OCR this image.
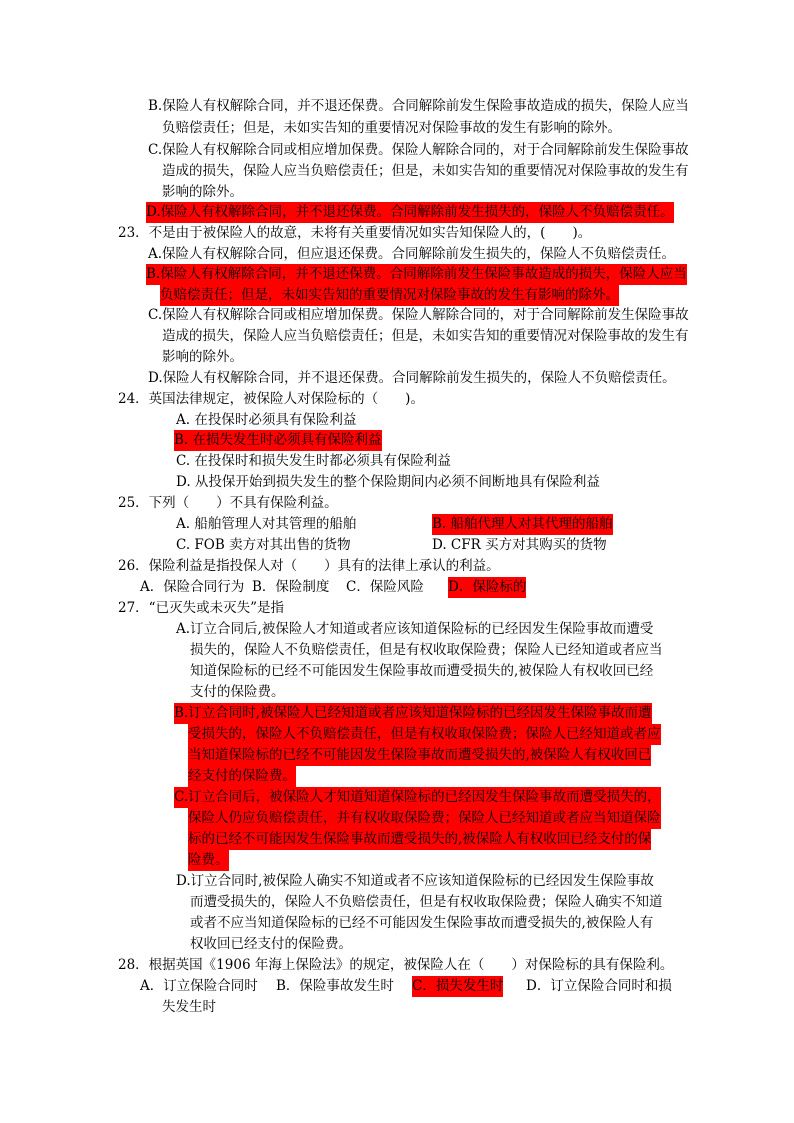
B.保险人有权解除合同，并不退还保费。合同解除前发生保险事故造成的损失，保险人应当
负赔偿责任；但是，未如实告知的重要情况对保险事故的发生有影响的除外。
C.保险人有权解除合同或相应增加保费。保险人解除合同的，对于合同解除前发生保险事故
造成的损失，保险人应当负赔偿责任；但是，未如实告知的重要情况对保险事故的发生有
影响的除外。
D.保险人有权解除合同，并不退还保费。合同解除前发生损失的，保险人不负赔偿责任。
23．不是由于被保险人的故意，未将有关重要情况如实告知保险人的，(　　)。
A.保险人有权解除合同，但应退还保费。合同解除前发生损失的，保险人不负赔偿责任。
B.保险人有权解除合同，并不退还保费。合同解除前发生保险事故造成的损失，保险人应当
负赔偿责任；但是，未如实告知的重要情况对保险事故的发生有影响的除外。
C.保险人有权解除合同或相应增加保费。保险人解除合同的，对于合同解除前发生保险事故
造成的损失，保险人应当负赔偿责任；但是，未如实告知的重要情况对保险事故的发生有
影响的除外。
D.保险人有权解除合同，并不退还保费。合同解除前发生损失的，保险人不负赔偿责任。
24．英国法律规定，被保险人对保险标的（　　)。
A. 在投保时必须具有保险利益
B. 在损失发生时必须具有保险利益
C. 在投保时和损失发生时都必须具有保险利益
D. 从投保开始到损失发生的整个保险期间内必须不间断地具有保险利益
25．下列（　　）不具有保险利益。
A. 船舶管理人对其管理的船舶	B. 船舶代理人对其代理的船舶
C. FOB 卖方对其出售的货物	D. CFR 买方对其购买的货物
26．保险利益是指投保人对（　　）具有的法律上承认的利益。
A．保险合同行为 B．保险制度 C．保险风险 D．保险标的
27．“已灭失或未灭失”是指
A.订立合同后,被保险人才知道或者应该知道保险标的已经因发生保险事故而遭受
损失的，保险人不负赔偿责任，但是有权收取保险费；保险人已经知道或者应当
知道保险标的已经不可能因发生保险事故而遭受损失的,被保险人有权收回已经
支付的保险费。
B.订立合同时,被保险人已经知道或者应该知道保险标的已经因发生保险事故而遭
受损失的，保险人不负赔偿责任，但是有权收取保险费；保险人已经知道或者应
当知道保险标的已经不可能因发生保险事故而遭受损失的,被保险人有权收回已
经支付的保险费。
C.订立合同后，被保险人才知道知道保险标的已经因发生保险事故而遭受损失的，
保险人仍应负赔偿责任，并有权收取保险费；保险人已经知道或者应当知道保险
标的已经不可能因发生保险事故而遭受损失的,被保险人有权收回已经支付的保
险费。
D.订立合同时,被保险人确实不知道或者不应该知道保险标的已经因发生保险事故
而遭受损失的，保险人不负赔偿责任，但是有权收取保险费；保险人确实不知道
或者不应当知道保险标的已经不可能因发生保险事故而遭受损失的,被保险人有
权收回已经支付的保险费。
28．根据英国《1906 年海上保险法》的规定，被保险人在（　　）对保险标的具有保险利。
A．订立保险合同时 B．保险事故发生时 C．损失发生时 D．订立保险合同时和损
失发生时
